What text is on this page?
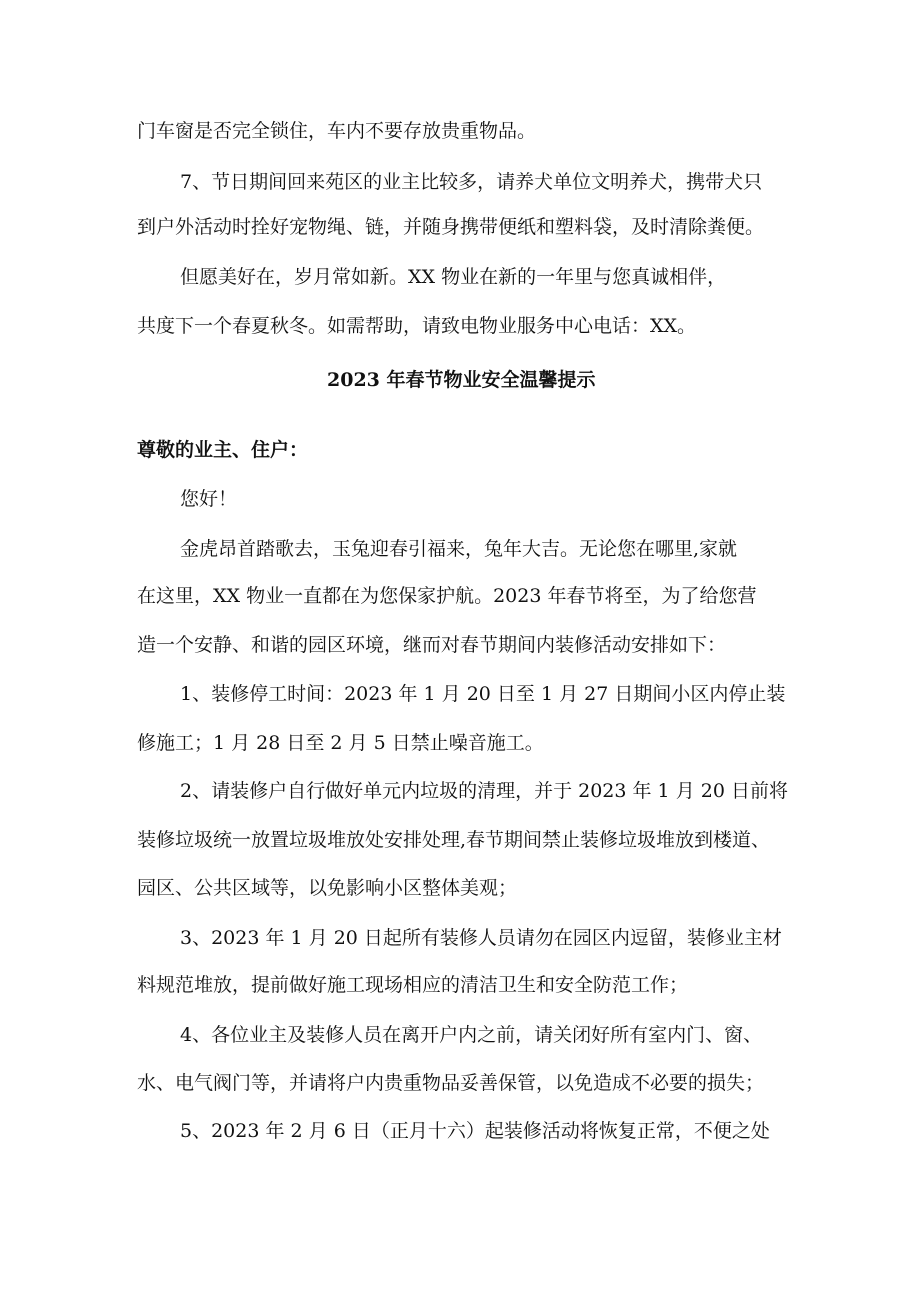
门车窗是否完全锁住，车内不要存放贵重物品。
7、节日期间回来苑区的业主比较多，请养犬单位文明养犬，携带犬只
到户外活动时拴好宠物绳、链，并随身携带便纸和塑料袋，及时清除粪便。
但愿美好在，岁月常如新。XX 物业在新的一年里与您真诚相伴，
共度下一个春夏秋冬。如需帮助，请致电物业服务中心电话：XX。
2023 年春节物业安全温馨提示
尊敬的业主、住户：
您好！
金虎昂首踏歌去，玉兔迎春引福来，兔年大吉。无论您在哪里,家就
在这里，XX 物业一直都在为您保家护航。2023 年春节将至，为了给您营
造一个安静、和谐的园区环境，继而对春节期间内装修活动安排如下：
1、装修停工时间：2023 年 1 月 20 日至 1 月 27 日期间小区内停止装
修施工；1 月 28 日至 2 月 5 日禁止噪音施工。
2、请装修户自行做好单元内垃圾的清理，并于 2023 年 1 月 20 日前将
装修垃圾统一放置垃圾堆放处安排处理,春节期间禁止装修垃圾堆放到楼道、
园区、公共区域等，以免影响小区整体美观；
3、2023 年 1 月 20 日起所有装修人员请勿在园区内逗留，装修业主材
料规范堆放，提前做好施工现场相应的清洁卫生和安全防范工作；
4、各位业主及装修人员在离开户内之前，请关闭好所有室内门、窗、
水、电气阀门等，并请将户内贵重物品妥善保管，以免造成不必要的损失；
5、2023 年 2 月 6 日（正月十六）起装修活动将恢复正常，不便之处
